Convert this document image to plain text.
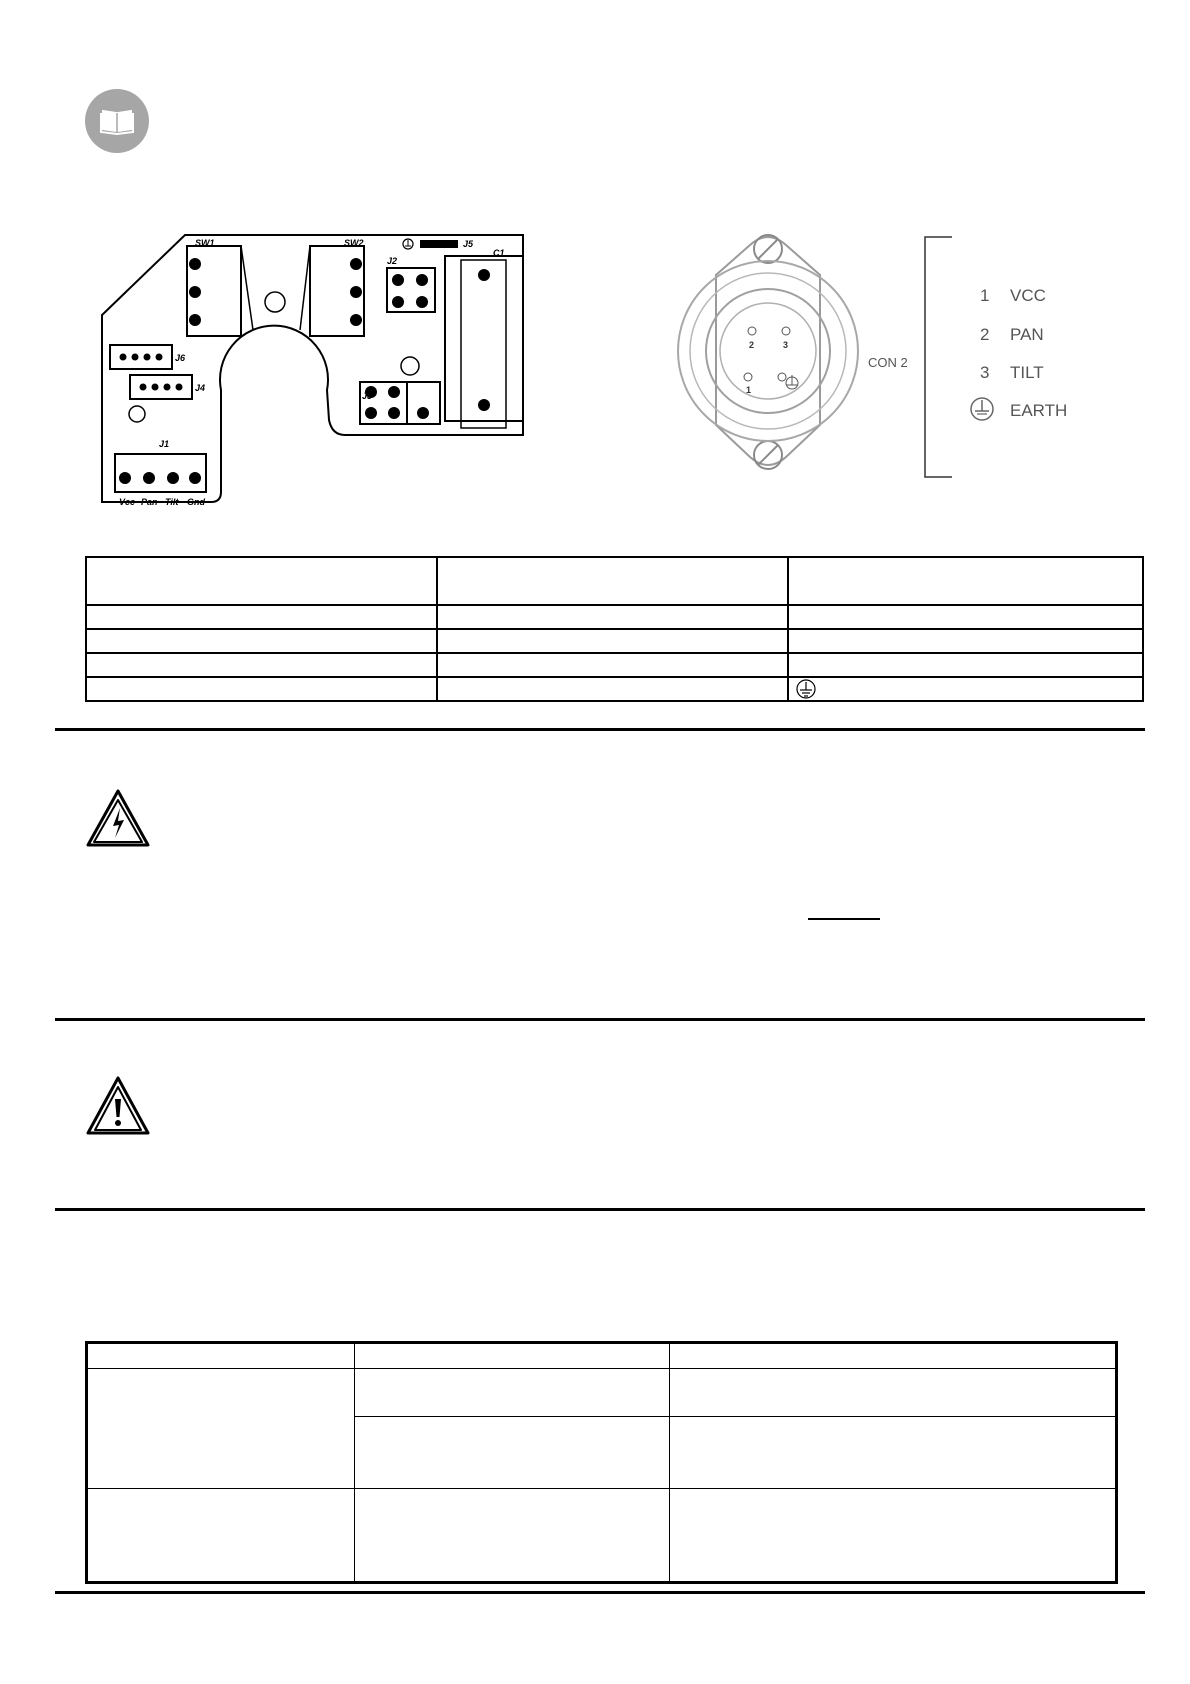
SW1	SW2
J2
J5
C1
J6
J4
J3
J1
Vcc Pan Tilt Gnd
2	3
1
CON 2
1 VCC
2 PAN
3 TILT
EARTH
